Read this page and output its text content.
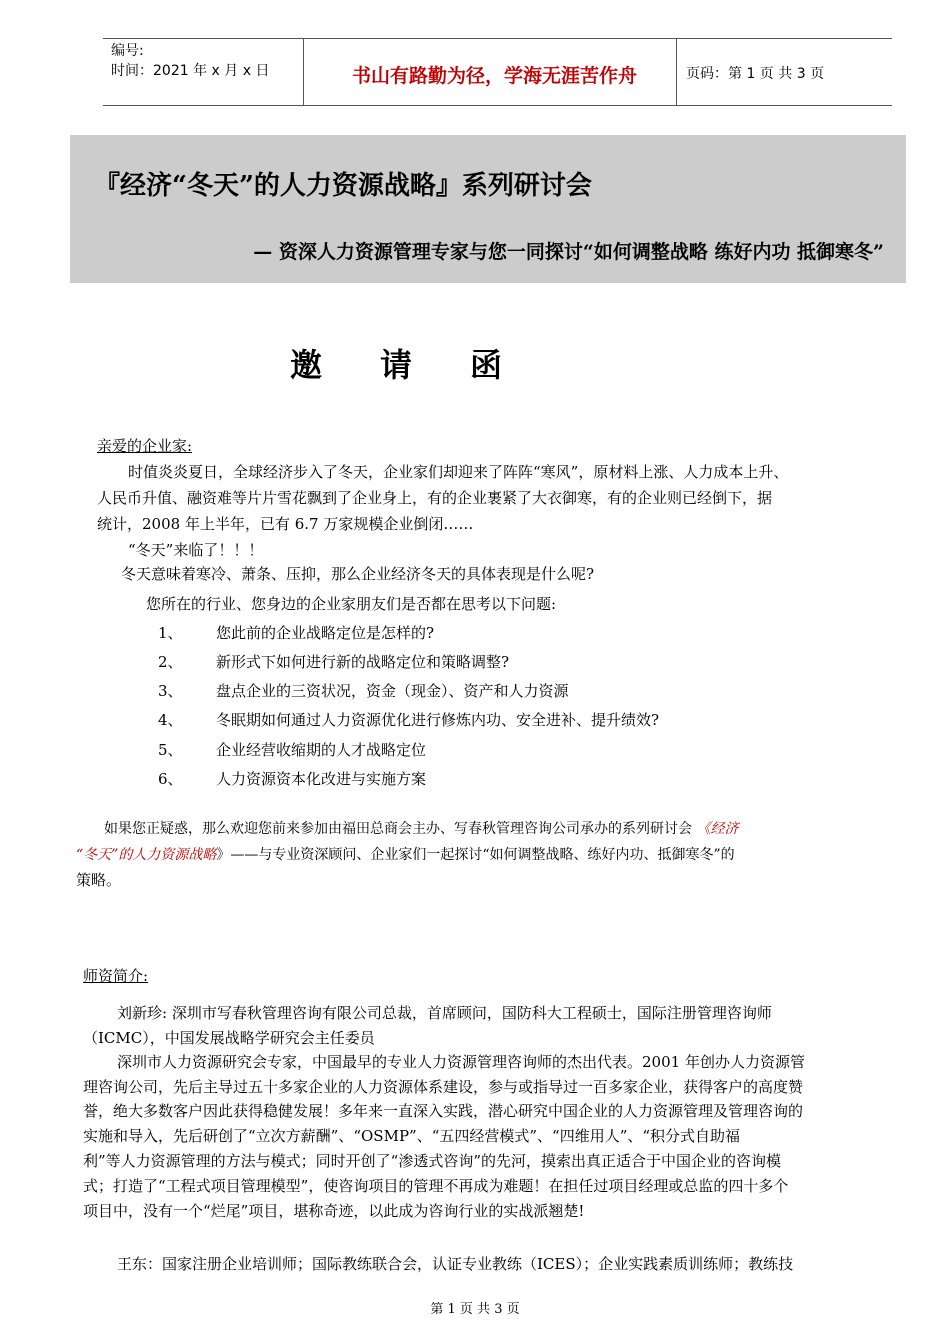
编号:
时间：2021 年 x 月 x 日	书山有路勤为径，学海无涯苦作舟	页码：第 1 页 共 3 页
『经济“冬天”的人力资源战略』系列研讨会
— 资深人力资源管理专家与您一同探讨“如何调整战略 练好内功 抵御寒冬”
邀请函
亲爱的企业家:
时值炎炎夏日，全球经济步入了冬天，企业家们却迎来了阵阵“寒风”，原材料上涨、人力成本上升、
人民币升值、融资难等片片雪花飘到了企业身上，有的企业裹紧了大衣御寒，有的企业则已经倒下，据
统计，2008 年上半年，已有 6.7 万家规模企业倒闭……
“冬天”来临了！！！
冬天意味着寒冷、萧条、压抑，那么企业经济冬天的具体表现是什么呢?
您所在的行业、您身边的企业家朋友们是否都在思考以下问题:
1、 您此前的企业战略定位是怎样的?
2、 新形式下如何进行新的战略定位和策略调整?
3、 盘点企业的三资状况，资金（现金）、资产和人力资源
4、 冬眠期如何通过人力资源优化进行修炼内功、安全进补、提升绩效?
5、 企业经营收缩期的人才战略定位
6、 人力资源资本化改进与实施方案
如果您正疑惑，那么欢迎您前来参加由福田总商会主办、写春秋管理咨询公司承办的系列研讨会 《经济
“冬天”的人力资源战略》——与专业资深顾问、企业家们一起探讨“如何调整战略、练好内功、抵御寒冬”的
策略。
师资简介:
刘新珍: 深圳市写春秋管理咨询有限公司总裁，首席顾问，国防科大工程硕士，国际注册管理咨询师
（ICMC），中国发展战略学研究会主任委员
深圳市人力资源研究会专家，中国最早的专业人力资源管理咨询师的杰出代表。2001 年创办人力资源管
理咨询公司，先后主导过五十多家企业的人力资源体系建设，参与或指导过一百多家企业，获得客户的高度赞
誉，绝大多数客户因此获得稳健发展！多年来一直深入实践，潜心研究中国企业的人力资源管理及管理咨询的
实施和导入，先后研创了“立次方薪酬”、“OSMP”、“五四经营模式”、“四维用人”、“积分式自助福
利”等人力资源管理的方法与模式；同时开创了“渗透式咨询”的先河，摸索出真正适合于中国企业的咨询模
式；打造了“工程式项目管理模型”，使咨询项目的管理不再成为难题！在担任过项目经理或总监的四十多个
项目中，没有一个“烂尾”项目，堪称奇迹，以此成为咨询行业的实战派翘楚!
王东：国家注册企业培训师；国际教练联合会，认证专业教练（ICES）；企业实践素质训练师；教练技
第 1 页 共 3 页
